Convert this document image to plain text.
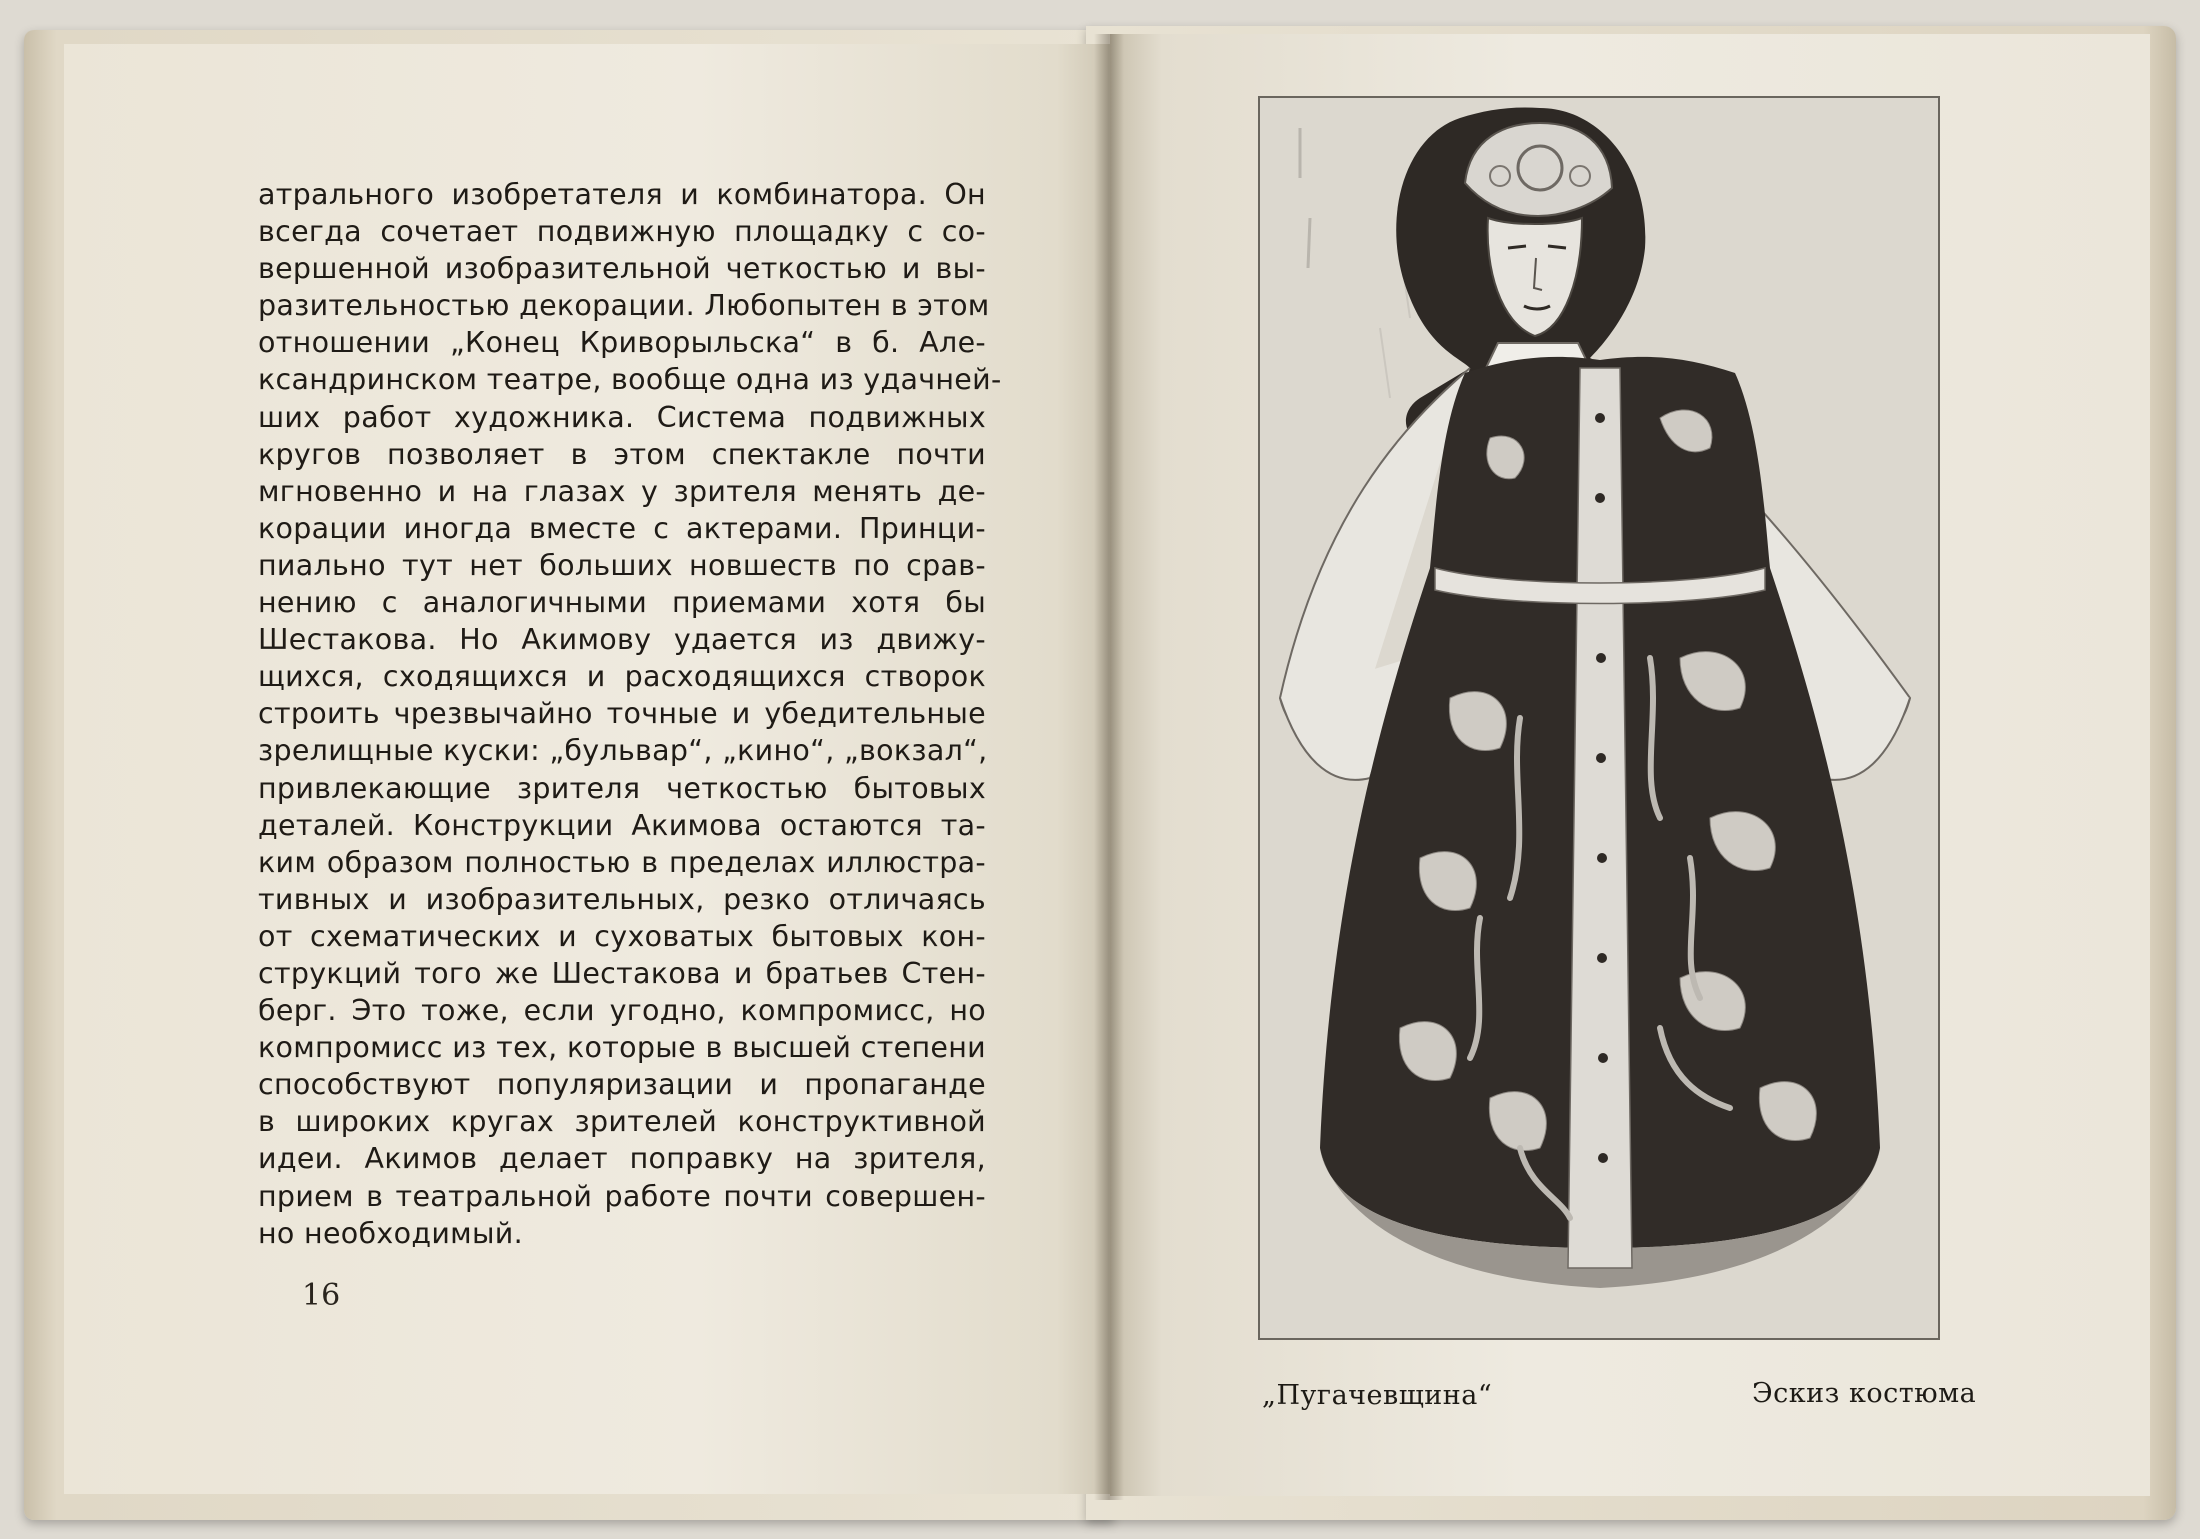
атрального изобретателя и комбинатора. Он
всегда сочетает подвижную площадку с со-
вершенной изобразительной четкостью и вы-
разительностью декорации. Любопытен в этом
отношении „Конец Криворыльска“ в б. Але-
ксандринском театре, вообще одна из удачней-
ших работ художника. Система подвижных
кругов позволяет в этом спектакле почти
мгновенно и на глазах у зрителя менять де-
корации иногда вместе с актерами. Принци-
пиально тут нет больших новшеств по срав-
нению с аналогичными приемами хотя бы
Шестакова. Но Акимову удается из движу-
щихся, сходящихся и расходящихся створок
строить чрезвычайно точные и убедительные
зрелищные куски: „бульвар“, „кино“, „вокзал“,
привлекающие зрителя четкостью бытовых
деталей. Конструкции Акимова остаются та-
ким образом полностью в пределах иллюстра-
тивных и изобразительных, резко отличаясь
от схематических и суховатых бытовых кон-
струкций того же Шестакова и братьев Стен-
берг. Это тоже, если угодно, компромисс, но
компромисс из тех, которые в высшей степени
способствуют популяризации и пропаганде
в широких кругах зрителей конструктивной
идеи. Акимов делает поправку на зрителя,
прием в театральной работе почти совершен-
но необходимый.

16
„Пугачевщина“	Эскиз костюма
